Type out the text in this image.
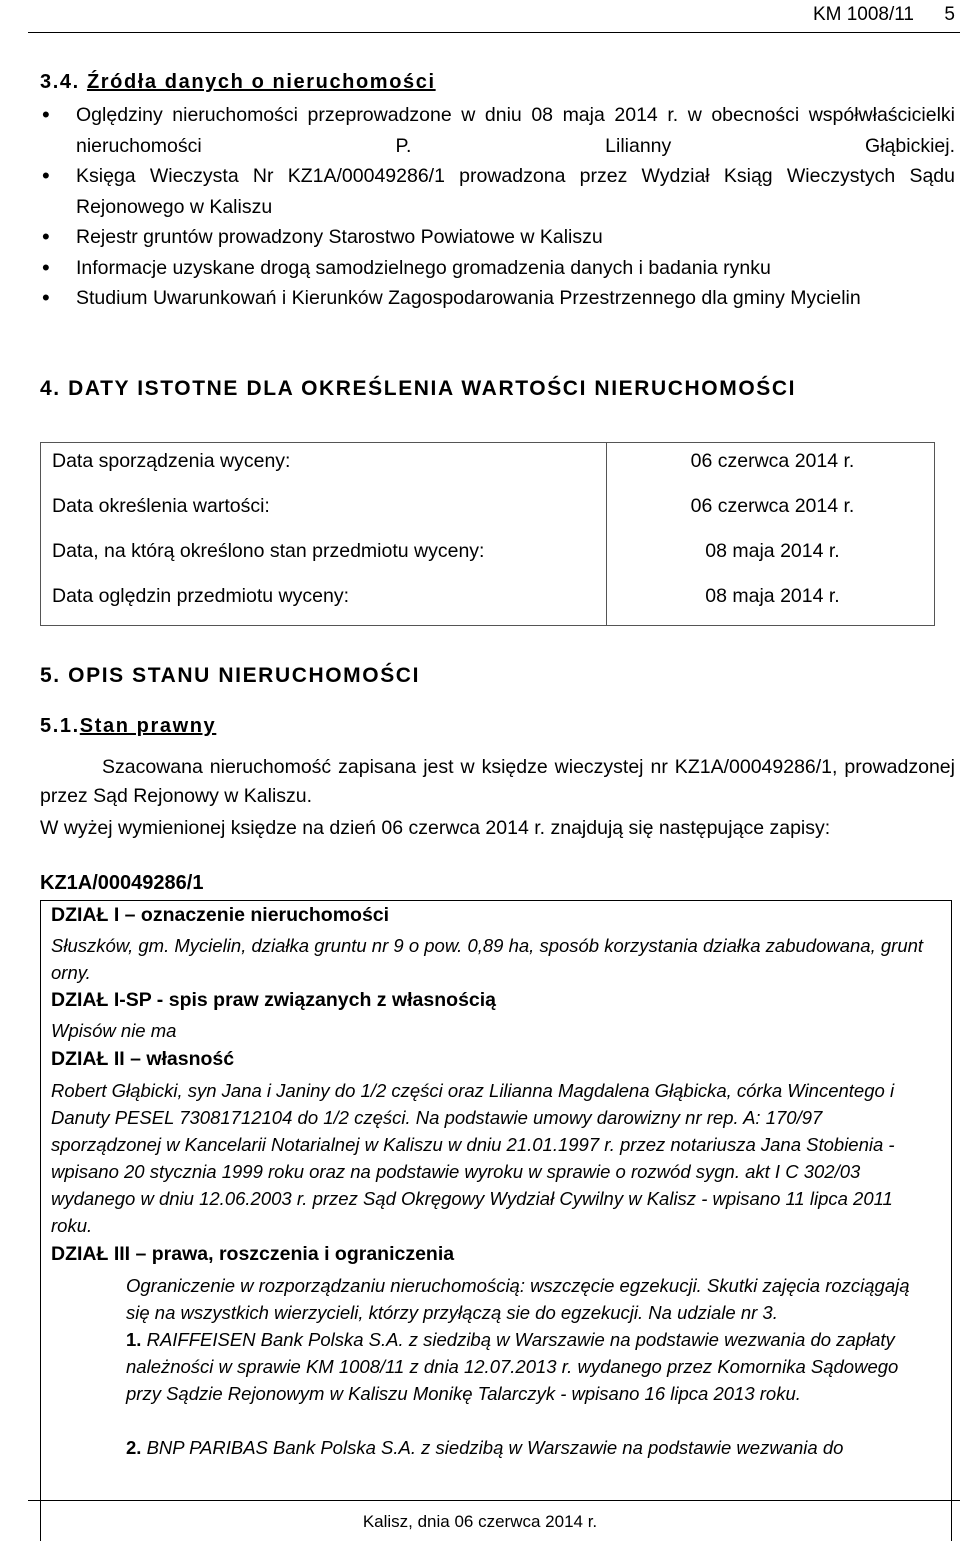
KM 1008/11 5
3.4. Źródła danych o nieruchomości
• Oględziny nieruchomości przeprowadzone w dniu 08 maja 2014 r. w obecności współwłaścicielki nieruchomości P. Lilianny Głąbickiej.
• Księga Wieczysta Nr KZ1A/00049286/1 prowadzona przez Wydział Ksiąg Wieczystych Sądu Rejonowego w Kaliszu
• Rejestr gruntów prowadzony Starostwo Powiatowe w Kaliszu
• Informacje uzyskane drogą samodzielnego gromadzenia danych i badania rynku
• Studium Uwarunkowań i Kierunków Zagospodarowania Przestrzennego dla gminy Mycielin
4. DATY ISTOTNE DLA OKREŚLENIA WARTOŚCI NIERUCHOMOŚCI
Data sporządzenia wyceny:	06 czerwca 2014 r.
Data określenia wartości:	06 czerwca 2014 r.
Data, na którą określono stan przedmiotu wyceny:	08 maja 2014 r.
Data oględzin przedmiotu wyceny:	08 maja 2014 r.
5. OPIS STANU NIERUCHOMOŚCI
5.1.Stan prawny

Szacowana nieruchomość zapisana jest w księdze wieczystej nr KZ1A/00049286/1, prowadzonej przez Sąd Rejonowy w Kaliszu.

W wyżej wymienionej księdze na dzień 06 czerwca 2014 r. znajdują się następujące zapisy:

KZ1A/00049286/1
DZIAŁ I – oznaczenie nieruchomości

Słuszków, gm. Mycielin, działka gruntu nr 9 o pow. 0,89 ha, sposób korzystania działka zabudowana, grunt orny.

DZIAŁ I-SP - spis praw związanych z własnością
Wpisów nie ma
DZIAŁ II – własność

Robert Głąbicki, syn Jana i Janiny do 1/2 części oraz Lilianna Magdalena Głąbicka, córka Wincentego i Danuty PESEL 73081712104 do 1/2 części. Na podstawie umowy darowizny nr rep. A: 170/97 sporządzonej w Kancelarii Notarialnej w Kaliszu w dniu 21.01.1997 r. przez notariusza Jana Stobienia - wpisano 20 stycznia 1999 roku oraz na podstawie wyroku w sprawie o rozwód sygn. akt I C 302/03 wydanego w dniu 12.06.2003 r. przez Sąd Okręgowy Wydział Cywilny w Kalisz - wpisano 11 lipca 2011 roku.

DZIAŁ III – prawa, roszczenia i ograniczenia

Ograniczenie w rozporządzaniu nieruchomością: wszczęcie egzekucji. Skutki zajęcia rozciągają się na wszystkich wierzycieli, którzy przyłączą sie do egzekucji. Na udziale nr 3.

1. RAIFFEISEN Bank Polska S.A. z siedzibą w Warszawie na podstawie wezwania do zapłaty należności w sprawie KM 1008/11 z dnia 12.07.2013 r. wydanego przez Komornika Sądowego przy Sądzie Rejonowym w Kaliszu Monikę Talarczyk - wpisano 16 lipca 2013 roku.

2. BNP PARIBAS Bank Polska S.A. z siedzibą w Warszawie na podstawie wezwania do

Kalisz, dnia 06 czerwca 2014 r.
